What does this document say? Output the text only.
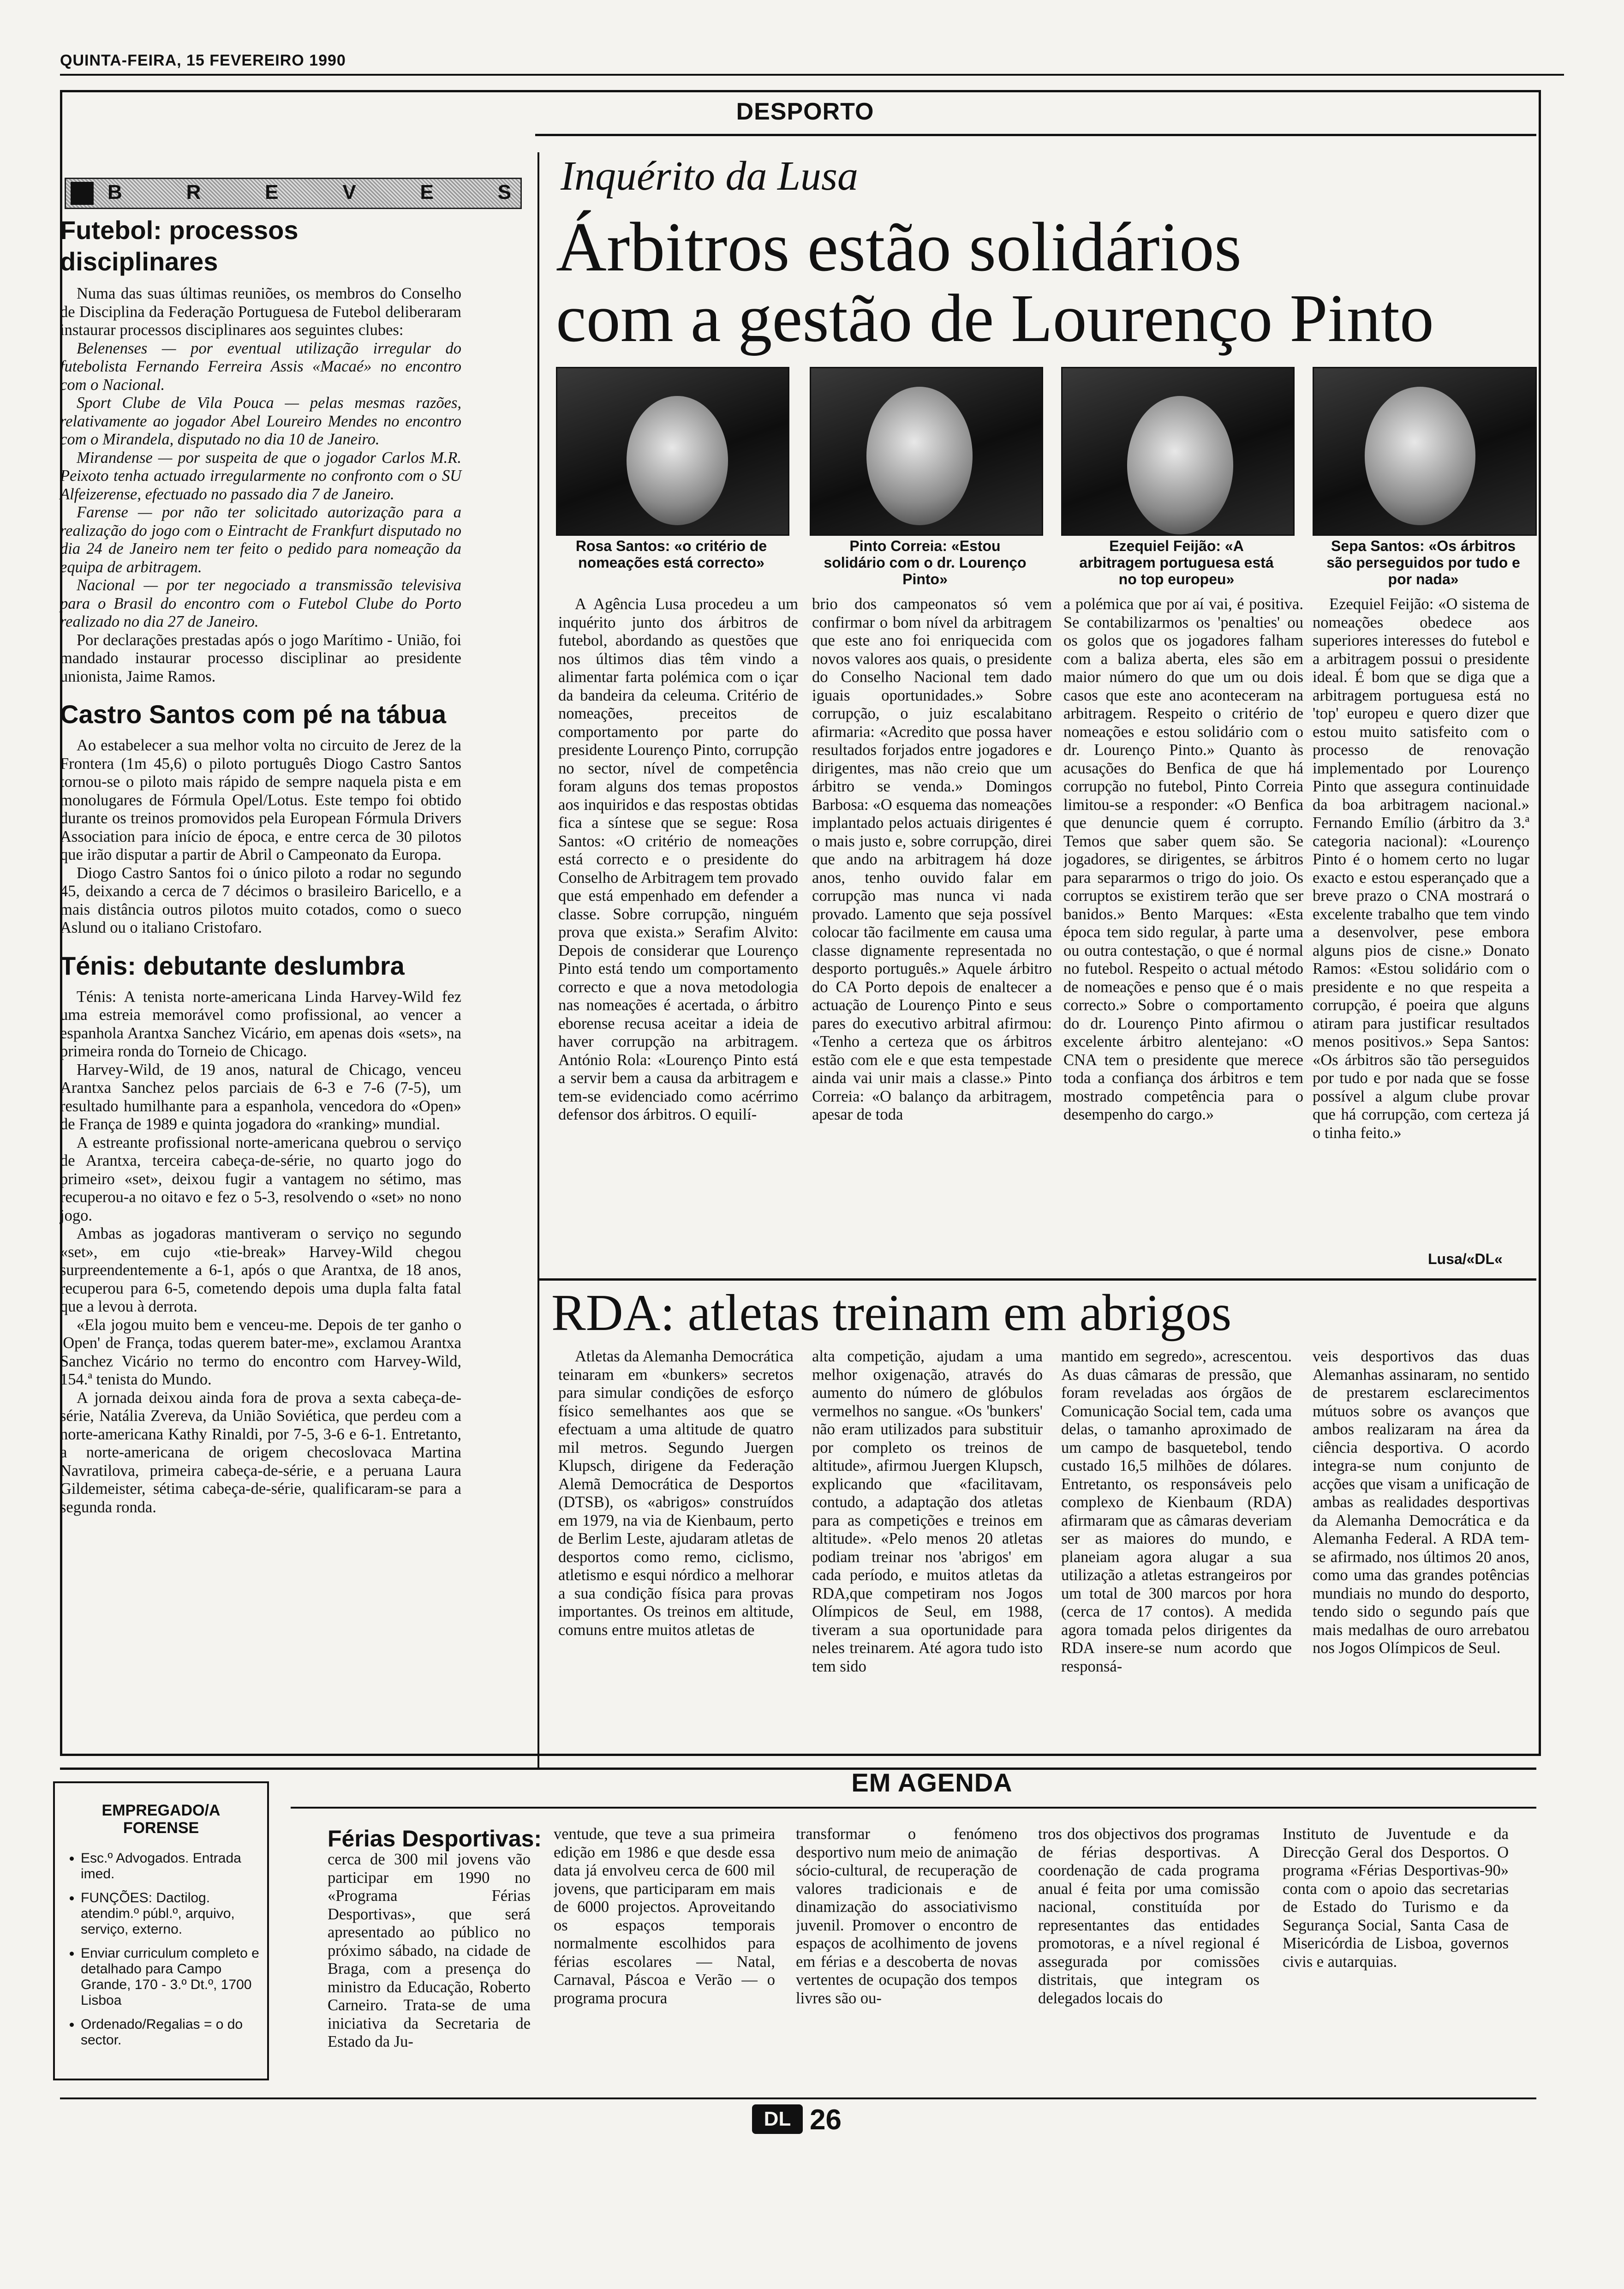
QUINTA-FEIRA, 15 FEVEREIRO 1990
DESPORTO
B	R	E	V	E	S
Futebol: processos disciplinares

Numa das suas últimas reuniões, os membros do Conselho de Disciplina da Federação Portuguesa de Futebol deliberaram instaurar processos disciplinares aos seguintes clubes:

Belenenses — por eventual utilização irregular do futebolista Fernando Ferreira Assis «Macaé» no encontro com o Nacional.

Sport Clube de Vila Pouca — pelas mesmas razões, relativamente ao jogador Abel Loureiro Mendes no encontro com o Mirandela, disputado no dia 10 de Janeiro.

Mirandense — por suspeita de que o jogador Carlos M.R. Peixoto tenha actuado irregularmente no confronto com o SU Alfeizerense, efectuado no passado dia 7 de Janeiro.

Farense — por não ter solicitado autorização para a realização do jogo com o Eintracht de Frankfurt disputado no dia 24 de Janeiro nem ter feito o pedido para nomeação da equipa de arbitragem.

Nacional — por ter negociado a transmissão televisiva para o Brasil do encontro com o Futebol Clube do Porto realizado no dia 27 de Janeiro.

Por declarações prestadas após o jogo Marítimo - União, foi mandado instaurar processo disciplinar ao presidente unionista, Jaime Ramos.

Castro Santos com pé na tábua

Ao estabelecer a sua melhor volta no circuito de Jerez de la Frontera (1m 45,6) o piloto português Diogo Castro Santos tornou-se o piloto mais rápido de sempre naquela pista e em monolugares de Fórmula Opel/Lotus. Este tempo foi obtido durante os treinos promovidos pela European Fórmula Drivers Association para início de época, e entre cerca de 30 pilotos que irão disputar a partir de Abril o Campeonato da Europa.

Diogo Castro Santos foi o único piloto a rodar no segundo 45, deixando a cerca de 7 décimos o brasileiro Baricello, e a mais distância outros pilotos muito cotados, como o sueco Aslund ou o italiano Cristofaro.

Ténis: debutante deslumbra

Ténis: A tenista norte-americana Linda Harvey-Wild fez uma estreia memorável como profissional, ao vencer a espanhola Arantxa Sanchez Vicário, em apenas dois «sets», na primeira ronda do Torneio de Chicago.

Harvey-Wild, de 19 anos, natural de Chicago, venceu Arantxa Sanchez pelos parciais de 6-3 e 7-6 (7-5), um resultado humilhante para a espanhola, vencedora do «Open» de França de 1989 e quinta jogadora do «ranking» mundial.

A estreante profissional norte-americana quebrou o serviço de Arantxa, terceira cabeça-de-série, no quarto jogo do primeiro «set», deixou fugir a vantagem no sétimo, mas recuperou-a no oitavo e fez o 5-3, resolvendo o «set» no nono jogo.

Ambas as jogadoras mantiveram o serviço no segundo «set», em cujo «tie-break» Harvey-Wild chegou surpreendentemente a 6-1, após o que Arantxa, de 18 anos, recuperou para 6-5, cometendo depois uma dupla falta fatal que a levou à derrota.

«Ela jogou muito bem e venceu-me. Depois de ter ganho o 'Open' de França, todas querem bater-me», exclamou Arantxa Sanchez Vicário no termo do encontro com Harvey-Wild, 154.ª tenista do Mundo.

A jornada deixou ainda fora de prova a sexta cabeça-de-série, Natália Zvereva, da União Soviética, que perdeu com a norte-americana Kathy Rinaldi, por 7-5, 3-6 e 6-1. Entretanto, a norte-americana de origem checoslovaca Martina Navratilova, primeira cabeça-de-série, e a peruana Laura Gildemeister, sétima cabeça-de-série, qualificaram-se para a segunda ronda.

Inquérito da Lusa
Árbitros estão solidários
com a gestão de Lourenço Pinto
Rosa Santos: «o critério de nomeações está correcto»
Pinto Correia: «Estou solidário com o dr. Lourenço Pinto»
Ezequiel Feijão: «A arbitragem portuguesa está no top europeu»
Sepa Santos: «Os árbitros são perseguidos por tudo e por nada»

A Agência Lusa procedeu a um inquérito junto dos árbitros de futebol, abordando as questões que nos últimos dias têm vindo a alimentar farta polémica com o içar da bandeira da celeuma. Critério de nomeações, preceitos de comportamento por parte do presidente Lourenço Pinto, corrupção no sector, nível de competência foram alguns dos temas propostos aos inquiridos e das respostas obtidas fica a síntese que se segue: Rosa Santos: «O critério de nomeações está correcto e o presidente do Conselho de Arbitragem tem provado que está empenhado em defender a classe. Sobre corrupção, ninguém prova que exista.» Serafim Alvito: Depois de considerar que Lourenço Pinto está tendo um comportamento correcto e que a nova metodologia nas nomeações é acertada, o árbitro eborense recusa aceitar a ideia de haver corrupção na arbitragem. António Rola: «Lourenço Pinto está a servir bem a causa da arbitragem e tem-se evidenciado como acérrimo defensor dos árbitros. O equilí-

brio dos campeonatos só vem confirmar o bom nível da arbitragem que este ano foi enriquecida com novos valores aos quais, o presidente do Conselho Nacional tem dado iguais oportunidades.» Sobre corrupção, o juiz escalabitano afirmaria: «Acredito que possa haver resultados forjados entre jogadores e dirigentes, mas não creio que um árbitro se venda.» Domingos Barbosa: «O esquema das nomeações implantado pelos actuais dirigentes é o mais justo e, sobre corrupção, direi que ando na arbitragem há doze anos, tenho ouvido falar em corrupção mas nunca vi nada provado. Lamento que seja possível colocar tão facilmente em causa uma classe dignamente representada no desporto português.» Aquele árbitro do CA Porto depois de enaltecer a actuação de Lourenço Pinto e seus pares do executivo arbitral afirmou: «Tenho a certeza que os árbitros estão com ele e que esta tempestade ainda vai unir mais a classe.» Pinto Correia: «O balanço da arbitragem, apesar de toda

a polémica que por aí vai, é positiva. Se contabilizarmos os 'penalties' ou os golos que os jogadores falham com a baliza aberta, eles são em maior número do que um ou dois casos que este ano aconteceram na arbitragem. Respeito o critério de nomeações e estou solidário com o dr. Lourenço Pinto.» Quanto às acusações do Benfica de que há corrupção no futebol, Pinto Correia limitou-se a responder: «O Benfica que denuncie quem é corrupto. Temos que saber quem são. Se jogadores, se dirigentes, se árbitros para separarmos o trigo do joio. Os corruptos se existirem terão que ser banidos.» Bento Marques: «Esta época tem sido regular, à parte uma ou outra contestação, o que é normal no futebol. Respeito o actual método de nomeações e penso que é o mais correcto.» Sobre o comportamento do dr. Lourenço Pinto afirmou o excelente árbitro alentejano: «O CNA tem o presidente que merece toda a confiança dos árbitros e tem mostrado competência para o desempenho do cargo.»

Ezequiel Feijão: «O sistema de nomeações obedece aos superiores interesses do futebol e a arbitragem possui o presidente ideal. É bom que se diga que a arbitragem portuguesa está no 'top' europeu e quero dizer que estou muito satisfeito com o processo de renovação implementado por Lourenço Pinto que assegura continuidade da boa arbitragem nacional.» Fernando Emílio (árbitro da 3.ª categoria nacional): «Lourenço Pinto é o homem certo no lugar exacto e estou esperançado que a breve prazo o CNA mostrará o excelente trabalho que tem vindo a desenvolver, pese embora alguns pios de cisne.» Donato Ramos: «Estou solidário com o presidente e no que respeita a corrupção, é poeira que alguns atiram para justificar resultados menos positivos.» Sepa Santos: «Os árbitros são tão perseguidos por tudo e por nada que se fosse possível a algum clube provar que há corrupção, com certeza já o tinha feito.»

Lusa/«DL«
RDA: atletas treinam em abrigos

Atletas da Alemanha Democrática teinaram em «bunkers» secretos para simular condições de esforço físico semelhantes aos que se efectuam a uma altitude de quatro mil metros. Segundo Juergen Klupsch, dirigene da Federação Alemã Democrática de Desportos (DTSB), os «abrigos» construídos em 1979, na via de Kienbaum, perto de Berlim Leste, ajudaram atletas de desportos como remo, ciclismo, atletismo e esqui nórdico a melhorar a sua condição física para provas importantes. Os treinos em altitude, comuns entre muitos atletas de

alta competição, ajudam a uma melhor oxigenação, através do aumento do número de glóbulos vermelhos no sangue. «Os 'bunkers' não eram utilizados para substituir por completo os treinos de altitude», afirmou Juergen Klupsch, explicando que «facilitavam, contudo, a adaptação dos atletas para as competições e treinos em altitude». «Pelo menos 20 atletas podiam treinar nos 'abrigos' em cada período, e muitos atletas da RDA,que competiram nos Jogos Olímpicos de Seul, em 1988, tiveram a sua oportunidade para neles treinarem. Até agora tudo isto tem sido

mantido em segredo», acrescentou. As duas câmaras de pressão, que foram reveladas aos órgãos de Comunicação Social tem, cada uma delas, o tamanho aproximado de um campo de basquetebol, tendo custado 16,5 milhões de dólares. Entretanto, os responsáveis pelo complexo de Kienbaum (RDA) afirmaram que as câmaras deveriam ser as maiores do mundo, e planeiam agora alugar a sua utilização a atletas estrangeiros por um total de 300 marcos por hora (cerca de 17 contos). A medida agora tomada pelos dirigentes da RDA insere-se num acordo que responsá-

veis desportivos das duas Alemanhas assinaram, no sentido de prestarem esclarecimentos mútuos sobre os avanços que ambos realizaram na área da ciência desportiva. O acordo integra-se num conjunto de acções que visam a unificação de ambas as realidades desportivas da Alemanha Democrática e da Alemanha Federal. A RDA tem-se afirmado, nos últimos 20 anos, como uma das grandes potências mundiais no mundo do desporto, tendo sido o segundo país que mais medalhas de ouro arrebatou nos Jogos Olímpicos de Seul.

EMPREGADO/A FORENSE
• Esc.º Advogados. Entrada imed.
• FUNÇÕES: Dactilog. atendim.º públ.º, arquivo, serviço, externo.
• Enviar curriculum completo e detalhado para Campo Grande, 170 - 3.º Dt.º, 1700 Lisboa
• Ordenado/Regalias = o do sector.
EM AGENDA
Férias Desportivas:

cerca de 300 mil jovens vão participar em 1990 no «Programa Férias Desportivas», que será apresentado ao público no próximo sábado, na cidade de Braga, com a presença do ministro da Educação, Roberto Carneiro. Trata-se de uma iniciativa da Secretaria de Estado da Ju-

ventude, que teve a sua primeira edição em 1986 e que desde essa data já envolveu cerca de 600 mil jovens, que participaram em mais de 6000 projectos. Aproveitando os espaços temporais normalmente escolhidos para férias escolares — Natal, Carnaval, Páscoa e Verão — o programa procura

transformar o fenómeno desportivo num meio de animação sócio-cultural, de recuperação de valores tradicionais e de dinamização do associativismo juvenil. Promover o encontro de espaços de acolhimento de jovens em férias e a descoberta de novas vertentes de ocupação dos tempos livres são ou-

tros dos objectivos dos programas de férias desportivas. A coordenação de cada programa anual é feita por uma comissão nacional, constituída por representantes das entidades promotoras, e a nível regional é assegurada por comissões distritais, que integram os delegados locais do

Instituto de Juventude e da Direcção Geral dos Desportos. O programa «Férias Desportivas-90» conta com o apoio das secretarias de Estado do Turismo e da Segurança Social, Santa Casa de Misericórdia de Lisboa, governos civis e autarquias.

DL 26
